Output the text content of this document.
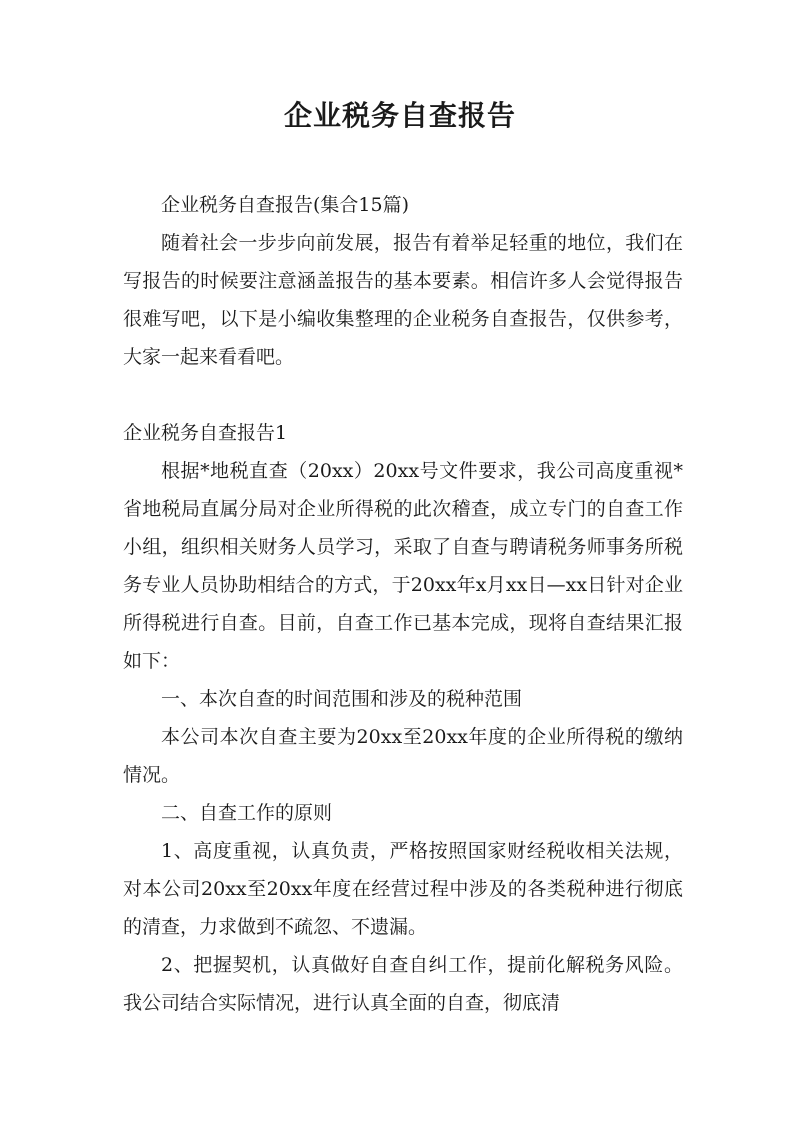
企业税务自查报告

企业税务自查报告(集合15篇)

随着社会一步步向前发展，报告有着举足轻重的地位，我们在写报告的时候要注意涵盖报告的基本要素。相信许多人会觉得报告很难写吧，以下是小编收集整理的企业税务自查报告，仅供参考，大家一起来看看吧。

企业税务自查报告1

根据*地税直查（20xx）20xx号文件要求，我公司高度重视*省地税局直属分局对企业所得税的此次稽查，成立专门的自查工作小组，组织相关财务人员学习，采取了自查与聘请税务师事务所税务专业人员协助相结合的方式，于20xx年x月xx日—xx日针对企业所得税进行自查。目前，自查工作已基本完成，现将自查结果汇报如下：

一、本次自查的时间范围和涉及的税种范围

本公司本次自查主要为20xx至20xx年度的企业所得税的缴纳情况。

二、自查工作的原则

1、高度重视，认真负责，严格按照国家财经税收相关法规，对本公司20xx至20xx年度在经营过程中涉及的各类税种进行彻底的清查，力求做到不疏忽、不遗漏。

2、把握契机，认真做好自查自纠工作，提前化解税务风险。我公司结合实际情况，进行认真全面的自查，彻底清
